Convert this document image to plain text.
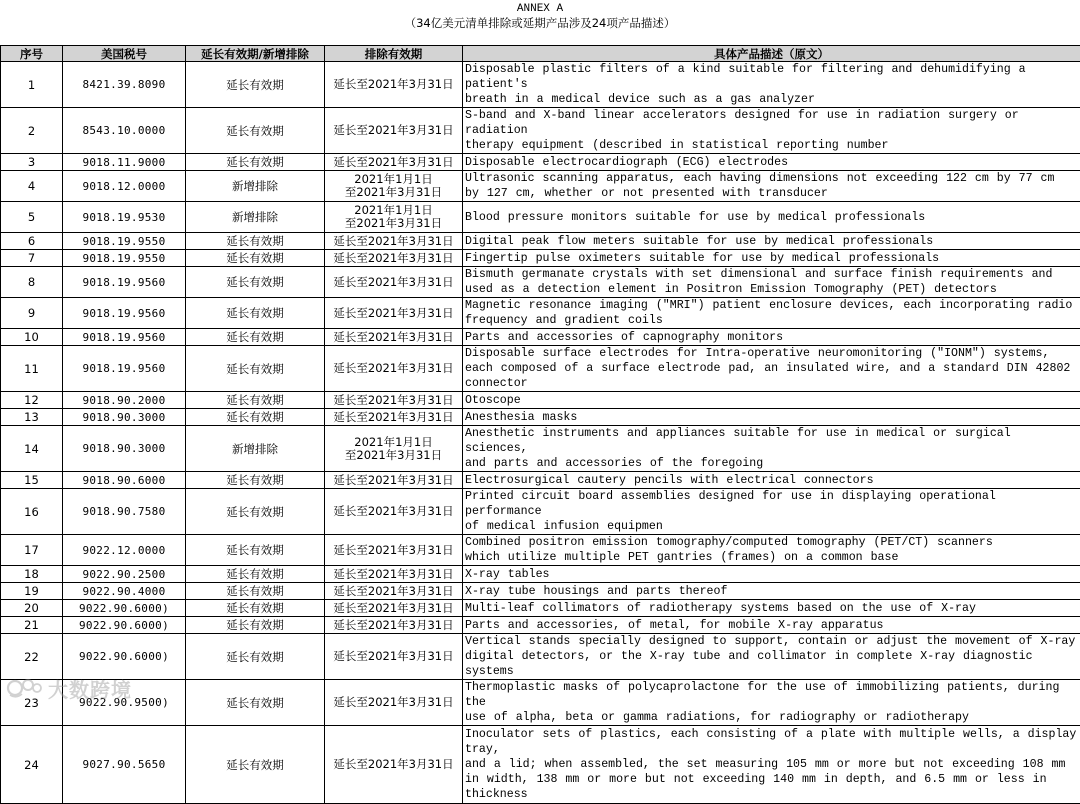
ANNEX A
（34亿美元清单排除或延期产品涉及24项产品描述）
序号	美国税号	延长有效期/新增排除	排除有效期	具体产品描述（原文）
1	8421.39.8090	延长有效期	延长至2021年3月31日	Disposable plastic filters of a kind suitable for filtering and dehumidifying a patient's
breath in a medical device such as a gas analyzer
2	8543.10.0000	延长有效期	延长至2021年3月31日	S-band and X-band linear accelerators designed for use in radiation surgery or radiation
therapy equipment (described in statistical reporting number
3	9018.11.9000	延长有效期	延长至2021年3月31日	Disposable electrocardiograph (ECG) electrodes
4	9018.12.0000	新增排除	2021年1月1日
至2021年3月31日	Ultrasonic scanning apparatus, each having dimensions not exceeding 122 cm by 77 cm
by 127 cm, whether or not presented with transducer
5	9018.19.9530	新增排除	2021年1月1日
至2021年3月31日	Blood pressure monitors suitable for use by medical professionals
6	9018.19.9550	延长有效期	延长至2021年3月31日	Digital peak flow meters suitable for use by medical professionals
7	9018.19.9550	延长有效期	延长至2021年3月31日	Fingertip pulse oximeters suitable for use by medical professionals
8	9018.19.9560	延长有效期	延长至2021年3月31日	Bismuth germanate crystals with set dimensional and surface finish requirements and
used as a detection element in Positron Emission Tomography (PET) detectors
9	9018.19.9560	延长有效期	延长至2021年3月31日	Magnetic resonance imaging ("MRI") patient enclosure devices, each incorporating radio
frequency and gradient coils
10	9018.19.9560	延长有效期	延长至2021年3月31日	Parts and accessories of capnography monitors
11	9018.19.9560	延长有效期	延长至2021年3月31日	Disposable surface electrodes for Intra-operative neuromonitoring ("IONM") systems,
each composed of a surface electrode pad, an insulated wire, and a standard DIN 42802
connector
12	9018.90.2000	延长有效期	延长至2021年3月31日	Otoscope
13	9018.90.3000	延长有效期	延长至2021年3月31日	Anesthesia masks
14	9018.90.3000	新增排除	2021年1月1日
至2021年3月31日	Anesthetic instruments and appliances suitable for use in medical or surgical sciences,
and parts and accessories of the foregoing
15	9018.90.6000	延长有效期	延长至2021年3月31日	Electrosurgical cautery pencils with electrical connectors
16	9018.90.7580	延长有效期	延长至2021年3月31日	Printed circuit board assemblies designed for use in displaying operational performance
of medical infusion equipmen
17	9022.12.0000	延长有效期	延长至2021年3月31日	Combined positron emission tomography/computed tomography (PET/CT) scanners
which utilize multiple PET gantries (frames) on a common base
18	9022.90.2500	延长有效期	延长至2021年3月31日	X-ray tables
19	9022.90.4000	延长有效期	延长至2021年3月31日	X-ray tube housings and parts thereof
20	9022.90.6000)	延长有效期	延长至2021年3月31日	Multi-leaf collimators of radiotherapy systems based on the use of X-ray
21	9022.90.6000)	延长有效期	延长至2021年3月31日	Parts and accessories, of metal, for mobile X-ray apparatus
22	9022.90.6000)	延长有效期	延长至2021年3月31日	Vertical stands specially designed to support, contain or adjust the movement of X-ray
digital detectors, or the X-ray tube and collimator in complete X-ray diagnostic systems
23	9022.90.9500)	延长有效期	延长至2021年3月31日	Thermoplastic masks of polycaprolactone for the use of immobilizing patients, during the
use of alpha, beta or gamma radiations, for radiography or radiotherapy
24	9027.90.5650	延长有效期	延长至2021年3月31日	Inoculator sets of plastics, each consisting of a plate with multiple wells, a display
tray,
and a lid; when assembled, the set measuring 105 mm or more but not exceeding 108 mm
in width, 138 mm or more but not exceeding 140 mm in depth, and 6.5 mm or less in
thickness
大数跨境
